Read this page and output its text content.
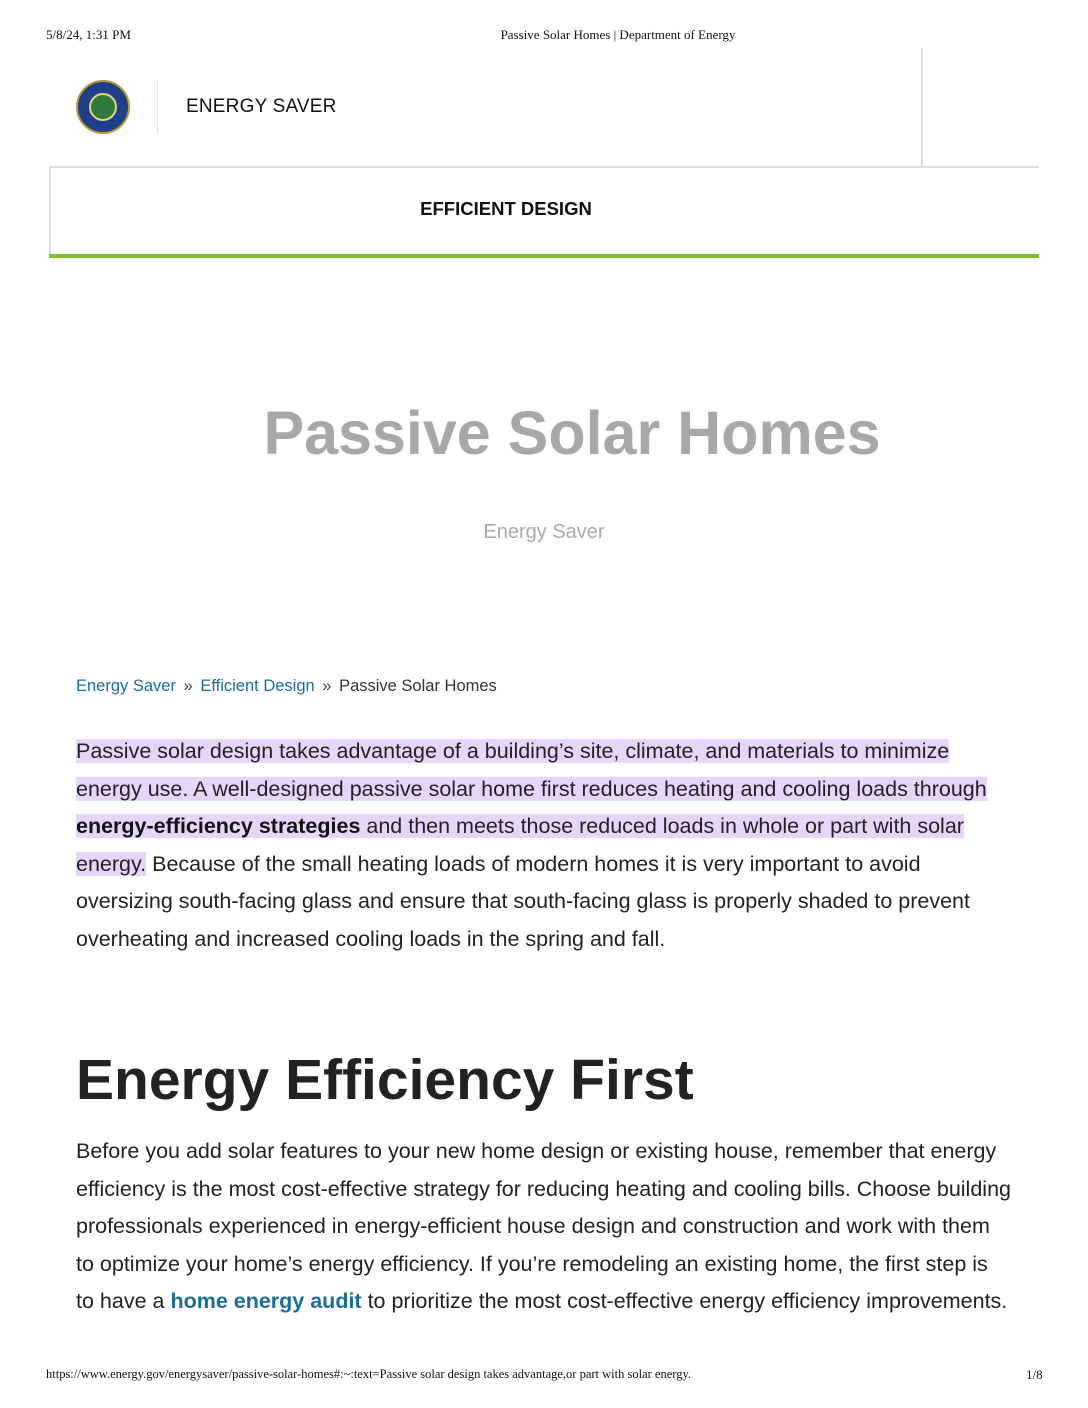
5/8/24, 1:31 PM	Passive Solar Homes | Department of Energy
ENERGY SAVER
EFFICIENT DESIGN
Passive Solar Homes
Energy Saver
Energy Saver » Efficient Design » Passive Solar Homes

Passive solar design takes advantage of a building’s site, climate, and materials to minimize energy use. A well-designed passive solar home first reduces heating and cooling loads through energy-efficiency strategies and then meets those reduced loads in whole or part with solar energy. Because of the small heating loads of modern homes it is very important to avoid oversizing south-facing glass and ensure that south-facing glass is properly shaded to prevent overheating and increased cooling loads in the spring and fall.

Energy Efficiency First

Before you add solar features to your new home design or existing house, remember that energy efficiency is the most cost-effective strategy for reducing heating and cooling bills. Choose building professionals experienced in energy-efficient house design and construction and work with them to optimize your home’s energy efficiency. If you’re remodeling an existing home, the first step is to have a home energy audit to prioritize the most cost-effective energy efficiency improvements.

https://www.energy.gov/energysaver/passive-solar-homes#:~:text=Passive solar design takes advantage,or part with solar energy.	1/8
